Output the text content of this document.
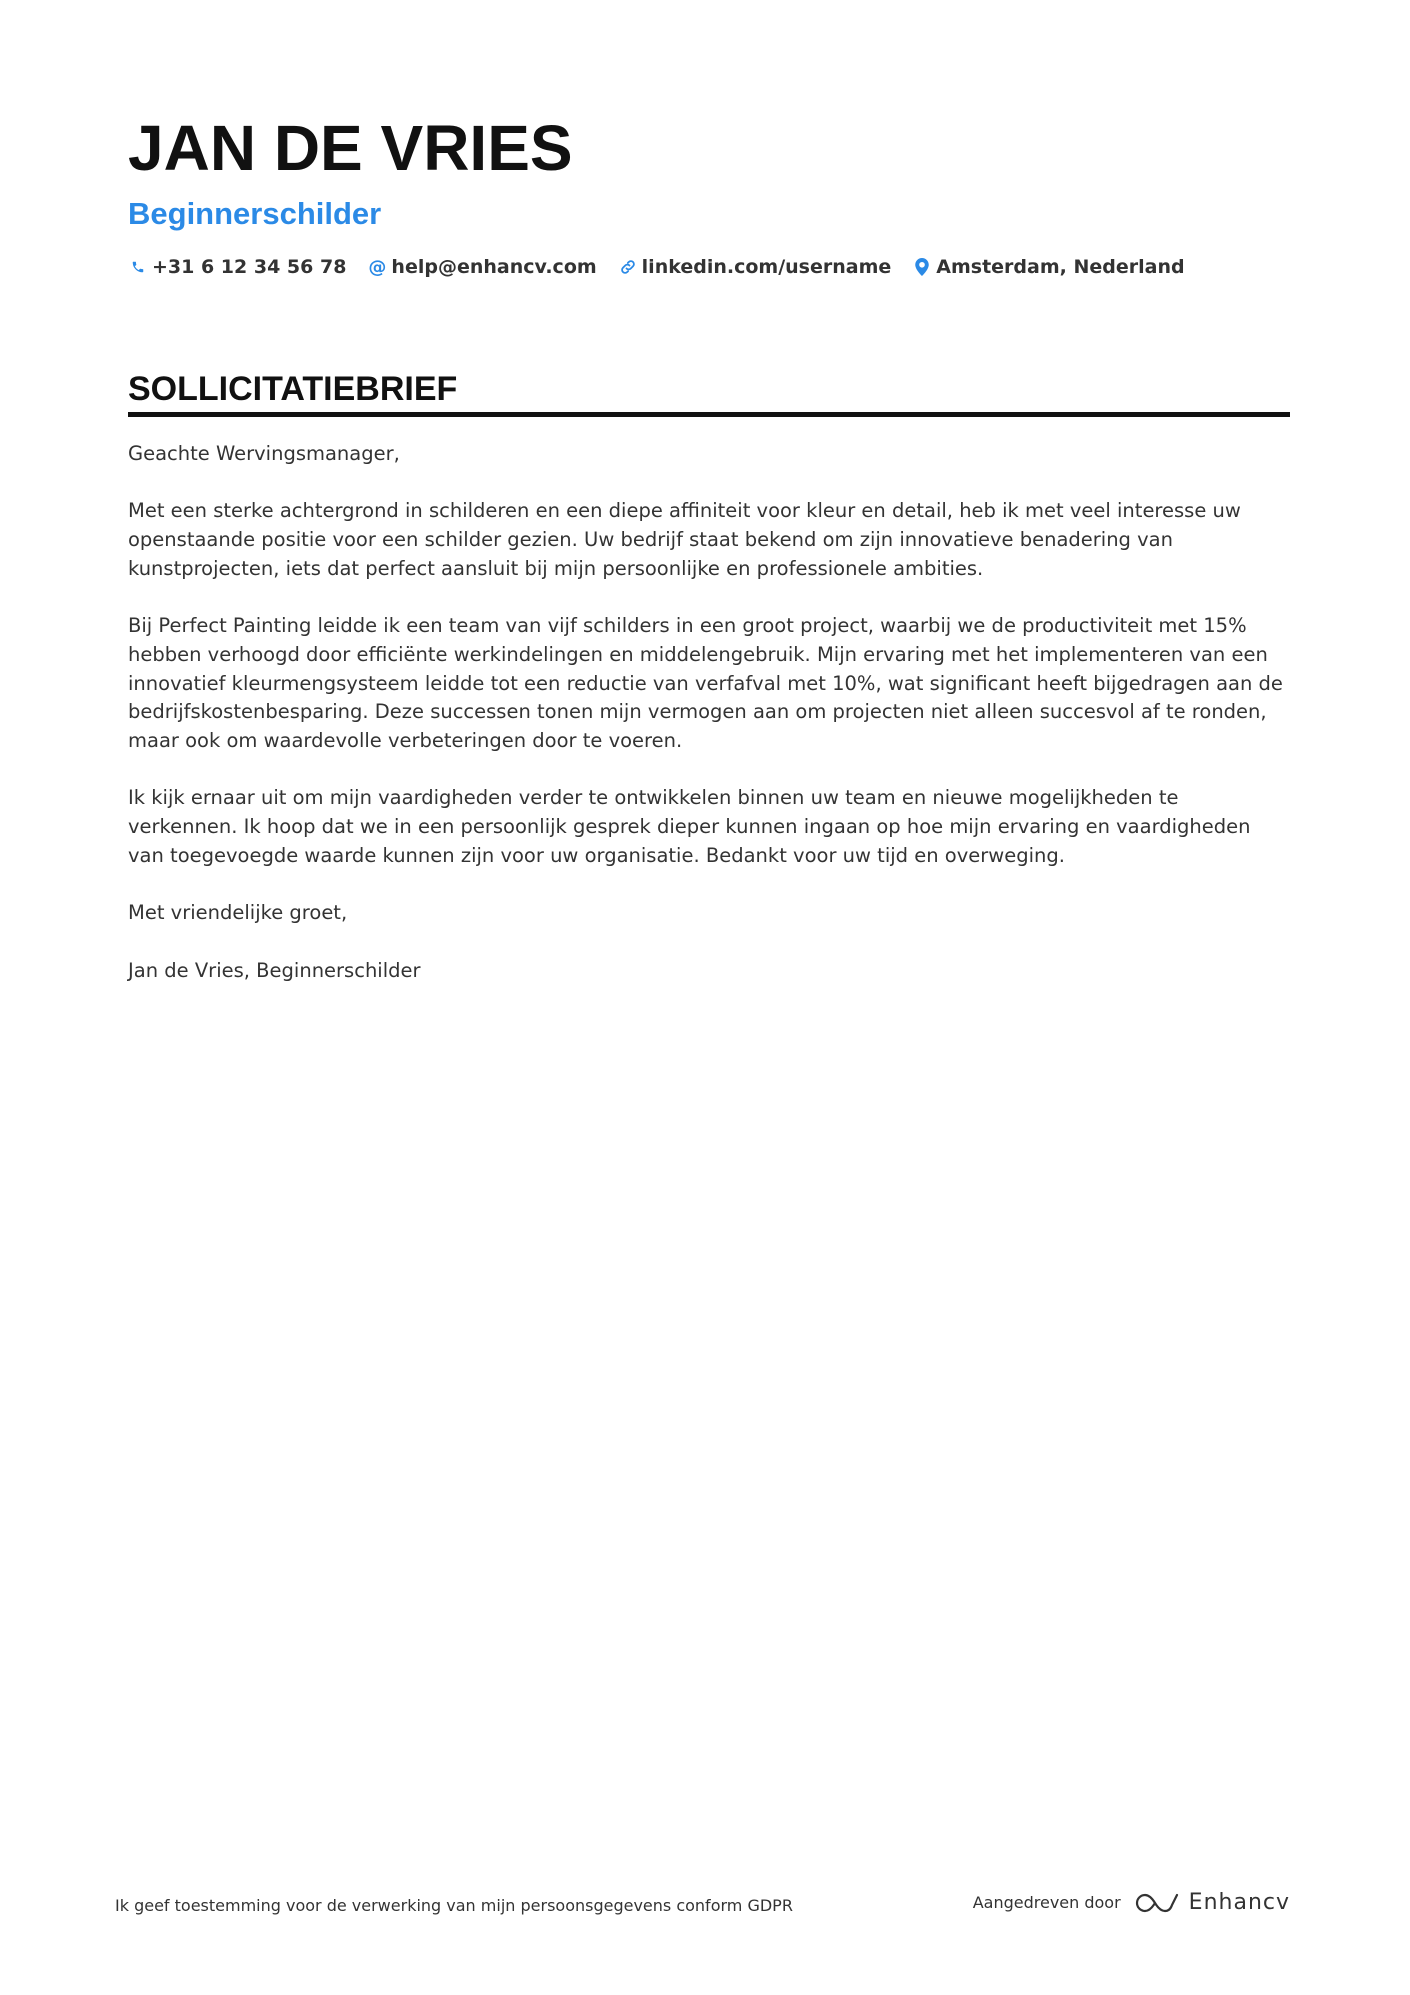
JAN DE VRIES
Beginnerschilder
+31 6 12 34 56 78 @ help@enhancv.com linkedin.com/username Amsterdam, Nederland
SOLLICITATIEBRIEF

Geachte Wervingsmanager,

Met een sterke achtergrond in schilderen en een diepe affiniteit voor kleur en detail, heb ik met veel interesse uw openstaande positie voor een schilder gezien. Uw bedrijf staat bekend om zijn innovatieve benadering van kunstprojecten, iets dat perfect aansluit bij mijn persoonlijke en professionele ambities.

Bij Perfect Painting leidde ik een team van vijf schilders in een groot project, waarbij we de productiviteit met 15% hebben verhoogd door efficiënte werkindelingen en middelengebruik. Mijn ervaring met het implementeren van een innovatief kleurmengsysteem leidde tot een reductie van verfafval met 10%, wat significant heeft bijgedragen aan de bedrijfskostenbesparing. Deze successen tonen mijn vermogen aan om projecten niet alleen succesvol af te ronden, maar ook om waardevolle verbeteringen door te voeren.

Ik kijk ernaar uit om mijn vaardigheden verder te ontwikkelen binnen uw team en nieuwe mogelijkheden te verkennen. Ik hoop dat we in een persoonlijk gesprek dieper kunnen ingaan op hoe mijn ervaring en vaardigheden van toegevoegde waarde kunnen zijn voor uw organisatie. Bedankt voor uw tijd en overweging.

Met vriendelijke groet,

Jan de Vries, Beginnerschilder

Ik geef toestemming voor de verwerking van mijn persoonsgegevens conform GDPR	Aangedreven door	Enhancv
